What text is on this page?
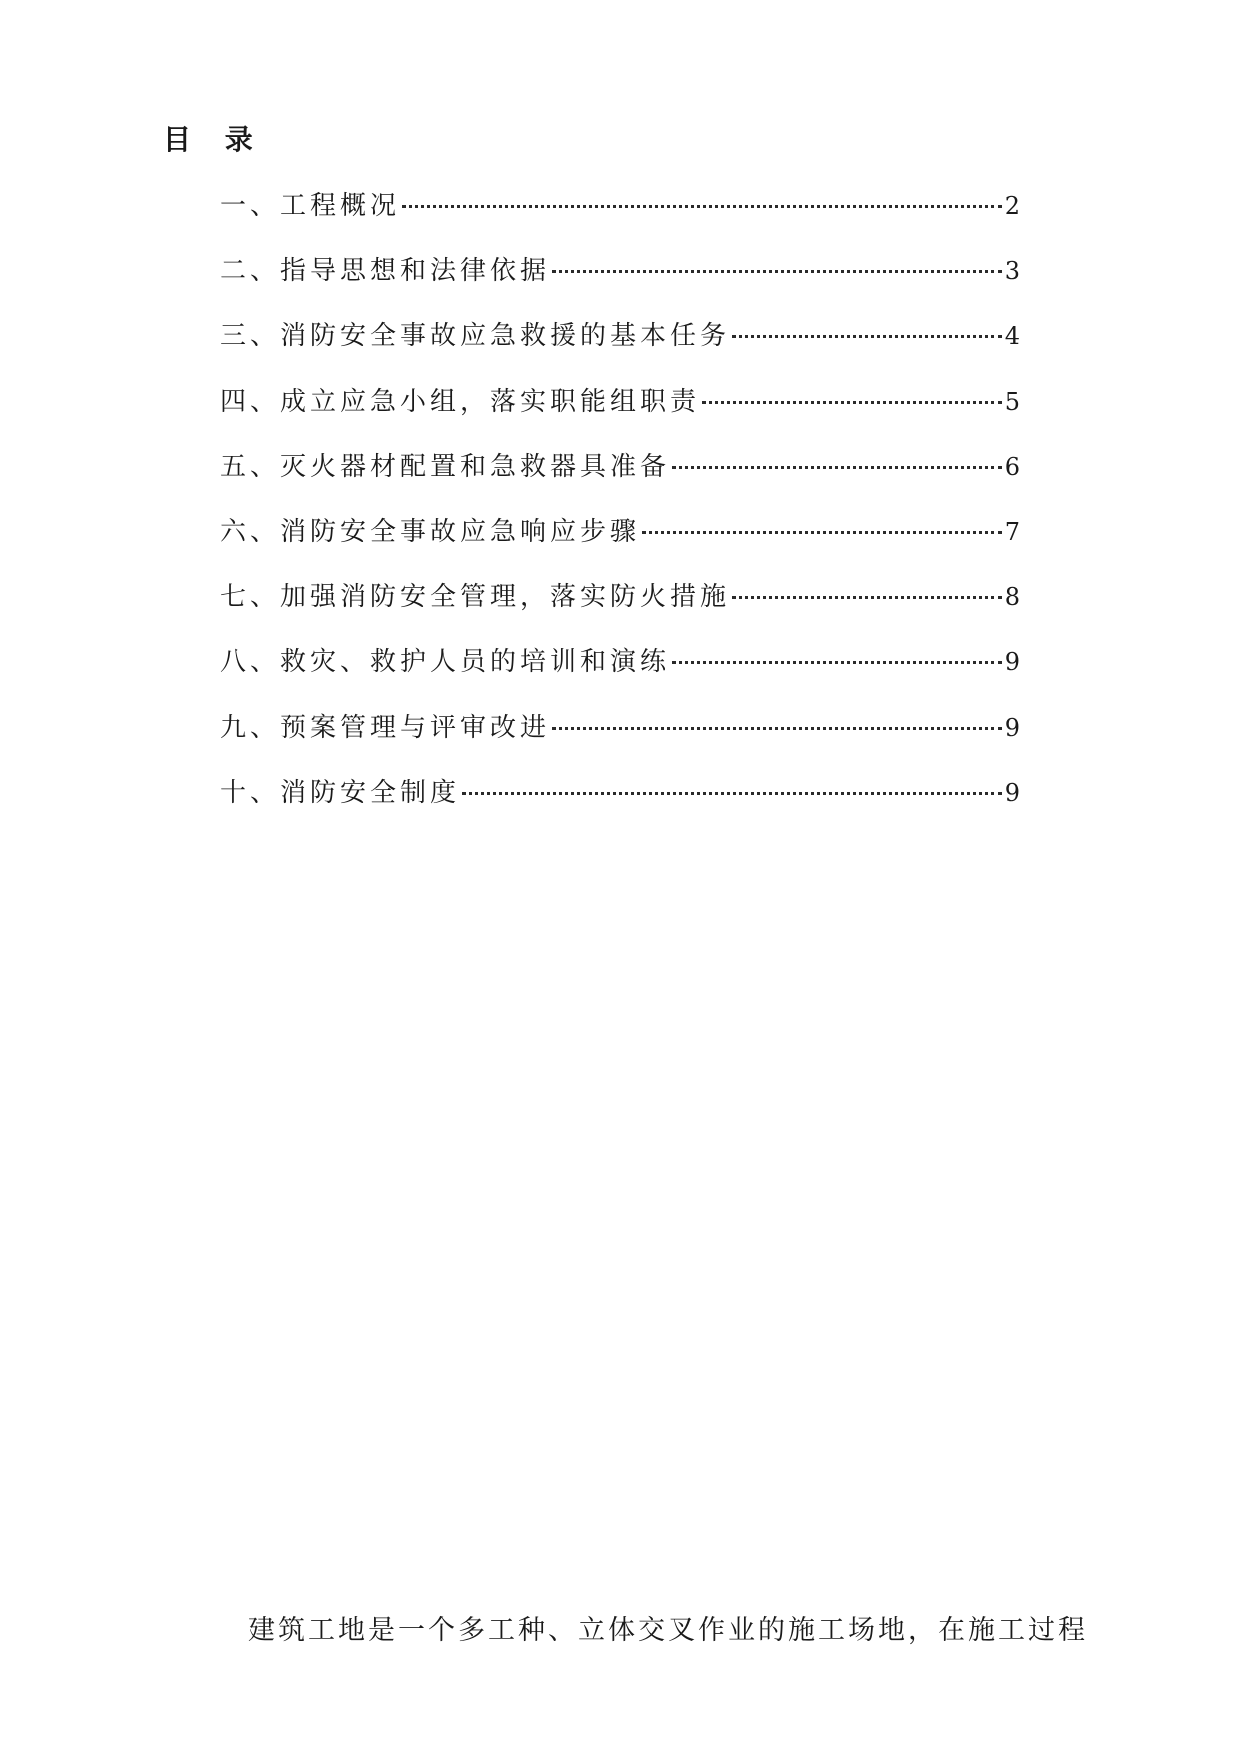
目 录
一、工程概况	2
二、指导思想和法律依据	3
三、消防安全事故应急救援的基本任务	4
四、成立应急小组，落实职能组职责	5
五、灭火器材配置和急救器具准备	6
六、消防安全事故应急响应步骤	7
七、加强消防安全管理，落实防火措施	8
八、救灾、救护人员的培训和演练	9
九、预案管理与评审改进	9
十、消防安全制度	9

建筑工地是一个多工种、立体交叉作业的施工场地，在施工过程
